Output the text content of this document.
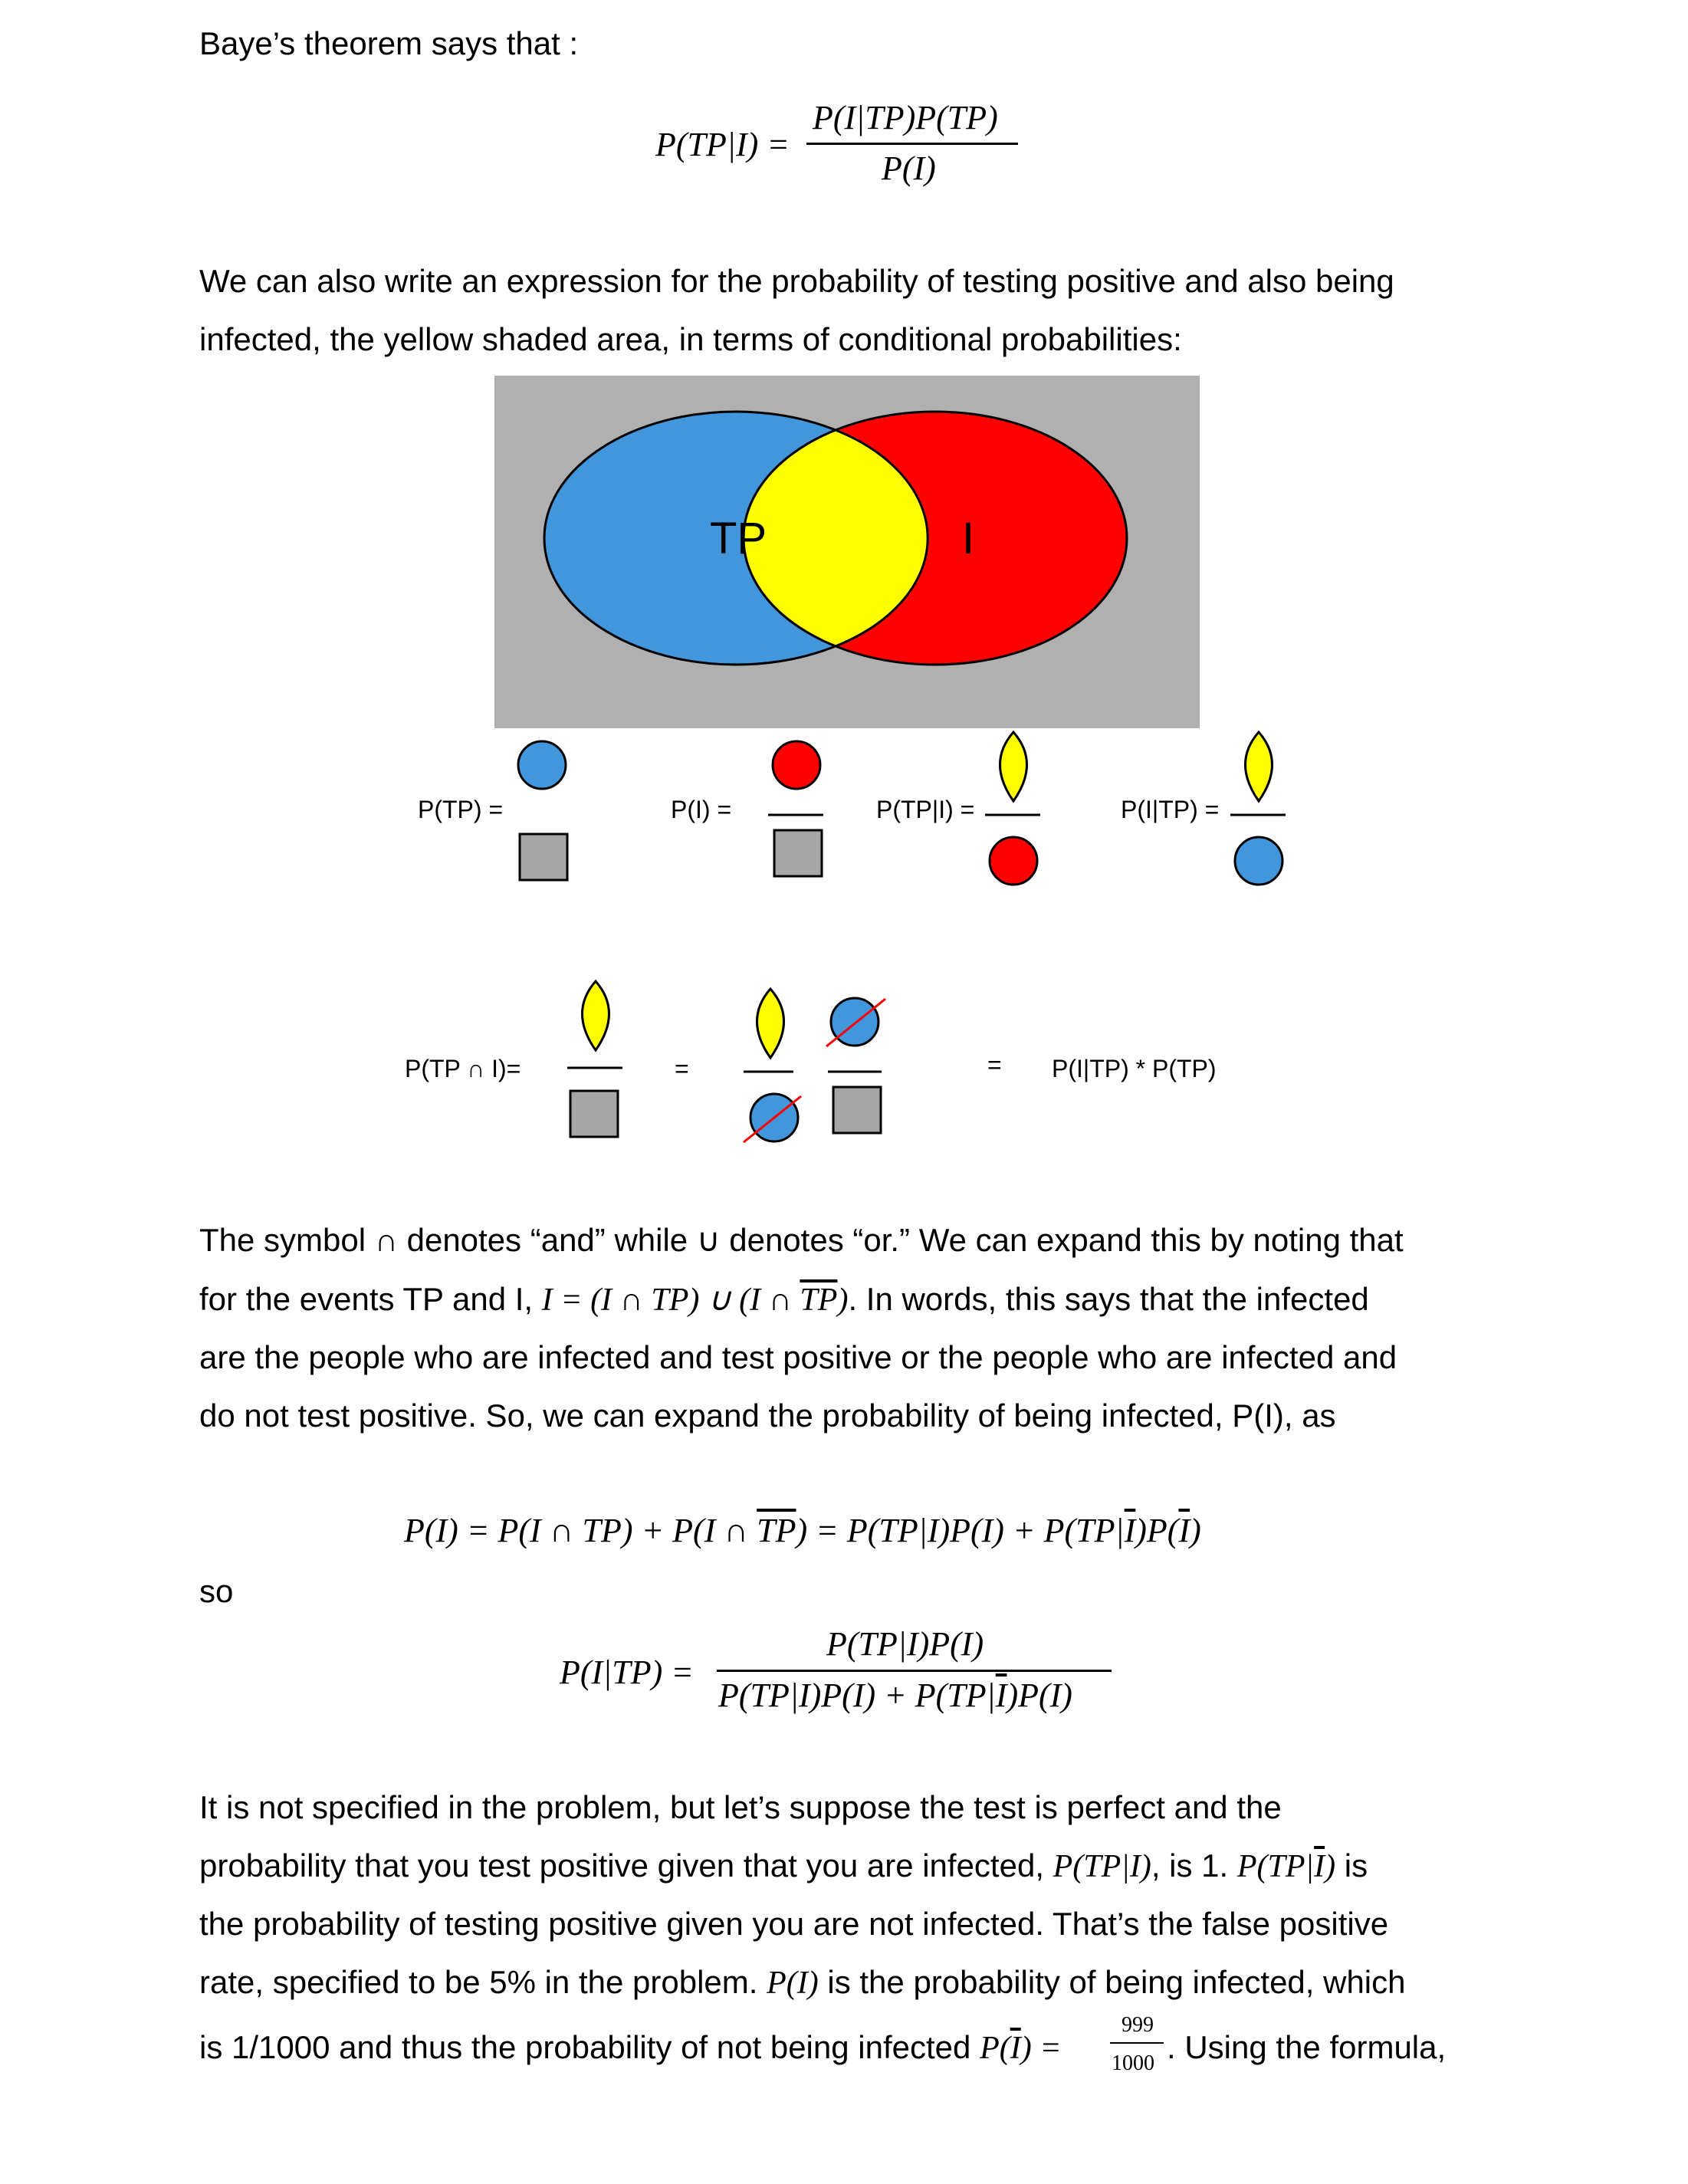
Baye’s theorem says that :
P(TP|I) =
P(I|TP)P(TP)
P(I)
We can also write an expression for the probability of testing positive and also being
infected, the yellow shaded area, in terms of conditional probabilities:
TP	I
P(TP) =	P(I) =	P(TP|I) =	P(I|TP) =
P(TP ∩ I)=	=	= P(I|TP) * P(TP)
The symbol ∩ denotes “and” while ∪ denotes “or.” We can expand this by noting that
for the events TP and I, I = (I ∩ TP) ∪ (I ∩ $\overline{TP}$). In words, this says that the infected
are the people who are infected and test positive or the people who are infected and
do not test positive. So, we can expand the probability of being infected, P(I), as
P(I) = P(I ∩ TP) + P(I ∩ $\overline{TP}) = P(TP|I)P(I) + P(TP|\overline{I})P(\overline{I})$
so
P(I|TP) =
P(TP|I)P(I)
$P(TP|I)P(I) + P(TP|\overline{I})P(I)$
It is not specified in the problem, but let’s suppose the test is perfect and the
probability that you test positive given that you are infected, P(TP|I), is 1. $P(TP|\overline{I})$ is
the probability of testing positive given you are not infected. That’s the false positive
rate, specified to be 5% in the problem. P(I) is the probability of being infected, which
is 1/1000 and thus the probability of not being infected $P(\overline{I})$ =
999
1000 . Using the formula,
